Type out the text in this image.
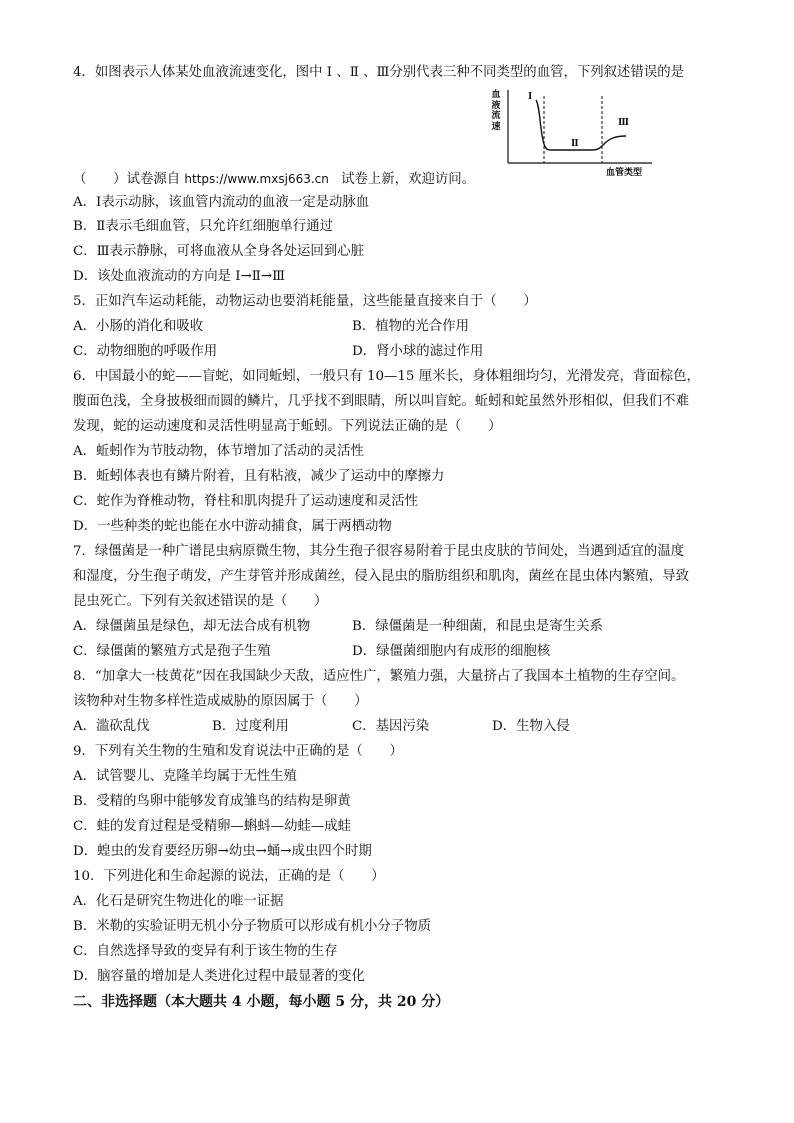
4．如图表示人体某处血液流速变化，图中 Ⅰ 、Ⅱ 、Ⅲ分别代表三种不同类型的血管，下列叙述错误的是
血液流速
Ⅰ
Ⅱ
Ⅲ
血管类型
（　　）试卷源自 https://www.mxsj663.cn 试卷上新，欢迎访问。
A．Ⅰ表示动脉，该血管内流动的血液一定是动脉血
B．Ⅱ表示毛细血管，只允许红细胞单行通过
C．Ⅲ表示静脉，可将血液从全身各处运回到心脏
D．该处血液流动的方向是 Ⅰ→Ⅱ→Ⅲ
5．正如汽车运动耗能，动物运动也要消耗能量，这些能量直接来自于（　　）
A．小肠的消化和吸收	B．植物的光合作用
C．动物细胞的呼吸作用	D．肾小球的滤过作用
6．中国最小的蛇——盲蛇，如同蚯蚓，一般只有 10—15 厘米长，身体粗细均匀，光滑发亮，背面棕色，
腹面色浅，全身披极细而圆的鳞片，几乎找不到眼睛，所以叫盲蛇。蚯蚓和蛇虽然外形相似，但我们不难
发现，蛇的运动速度和灵活性明显高于蚯蚓。下列说法正确的是（　　）
A．蚯蚓作为节肢动物，体节增加了活动的灵活性
B．蚯蚓体表也有鳞片附着，且有粘液，减少了运动中的摩擦力
C．蛇作为脊椎动物，脊柱和肌肉提升了运动速度和灵活性
D．一些种类的蛇也能在水中游动捕食，属于两栖动物
7．绿僵菌是一种广谱昆虫病原微生物，其分生孢子很容易附着于昆虫皮肤的节间处，当遇到适宜的温度
和湿度，分生孢子萌发，产生芽管并形成菌丝，侵入昆虫的脂肪组织和肌肉，菌丝在昆虫体内繁殖，导致
昆虫死亡。下列有关叙述错误的是（　　）
A．绿僵菌虽是绿色，却无法合成有机物	B．绿僵菌是一种细菌，和昆虫是寄生关系
C．绿僵菌的繁殖方式是孢子生殖	D．绿僵菌细胞内有成形的细胞核
8．“加拿大一枝黄花”因在我国缺少天敌，适应性广，繁殖力强，大量挤占了我国本土植物的生存空间。
该物种对生物多样性造成威胁的原因属于（　　）
A．滥砍乱伐	B．过度利用	C．基因污染	D．生物入侵
9．下列有关生物的生殖和发育说法中正确的是（　　）
A．试管婴儿、克隆羊均属于无性生殖
B．受精的鸟卵中能够发育成雏鸟的结构是卵黄
C．蛙的发育过程是受精卵—蝌蚪—幼蛙—成蛙
D．蝗虫的发育要经历卵→幼虫→蛹→成虫四个时期
10．下列进化和生命起源的说法，正确的是（　　）
A．化石是研究生物进化的唯一证据
B．米勒的实验证明无机小分子物质可以形成有机小分子物质
C．自然选择导致的变异有利于该生物的生存
D．脑容量的增加是人类进化过程中最显著的变化
二、非选择题（本大题共 4 小题，每小题 5 分，共 20 分）
